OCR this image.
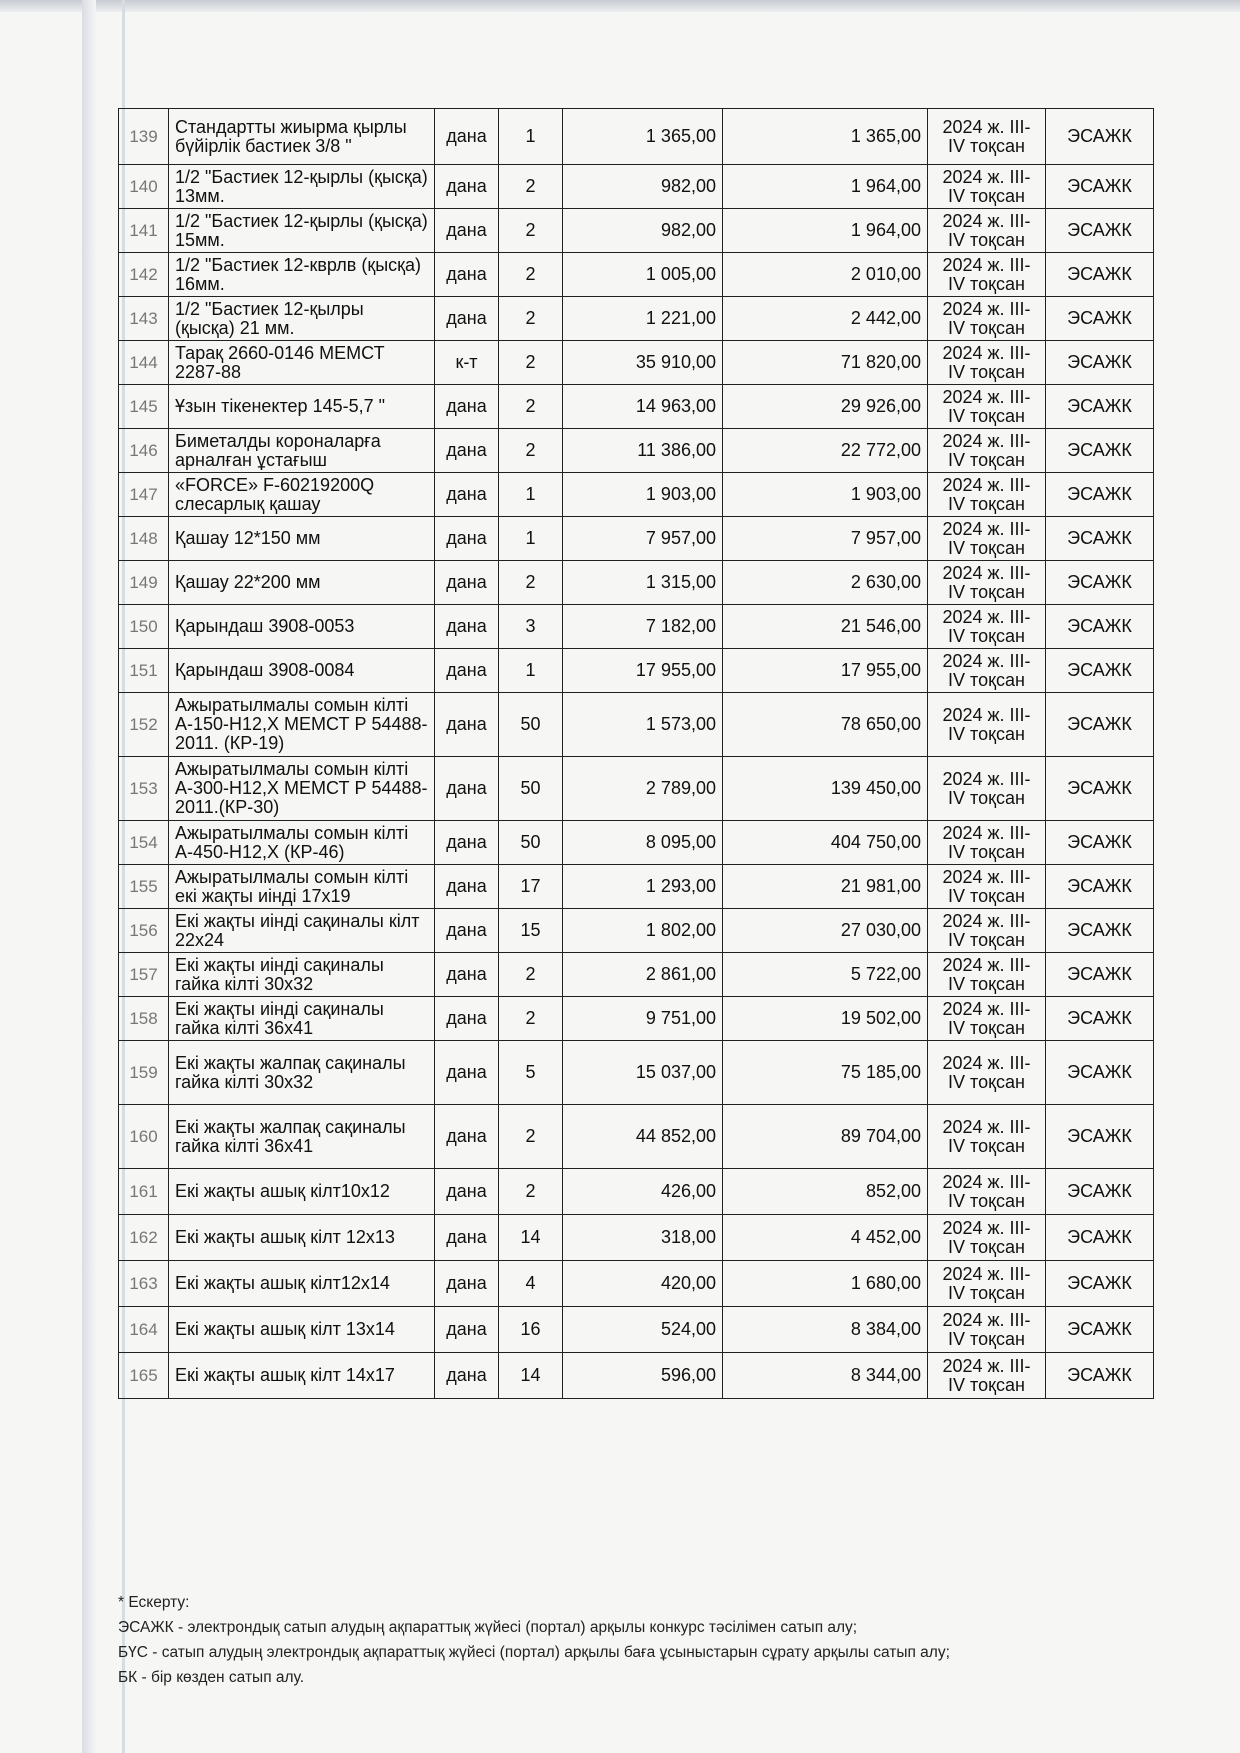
139	Стандартты жиырма қырлы бүйірлік бастиек 3/8 "	дана	1	1 365,00	1 365,00	2024 ж. III-IV тоқсан	ЭСАЖК
140	1/2 "Бастиек 12-қырлы (қысқа) 13мм.	дана	2	982,00	1 964,00	2024 ж. III-IV тоқсан	ЭСАЖК
141	1/2 "Бастиек 12-қырлы (қысқа) 15мм.	дана	2	982,00	1 964,00	2024 ж. III-IV тоқсан	ЭСАЖК
142	1/2 "Бастиек 12-кврлв (қысқа) 16мм.	дана	2	1 005,00	2 010,00	2024 ж. III-IV тоқсан	ЭСАЖК
143	1/2 "Бастиек 12-қылры (қысқа) 21 мм.	дана	2	1 221,00	2 442,00	2024 ж. III-IV тоқсан	ЭСАЖК
144	Тарақ 2660-0146 МЕМСТ 2287-88	к-т	2	35 910,00	71 820,00	2024 ж. III-IV тоқсан	ЭСАЖК
145	Ұзын тікенектер 145-5,7 "	дана	2	14 963,00	29 926,00	2024 ж. III-IV тоқсан	ЭСАЖК
146	Биметалды короналарға арналған ұстағыш	дана	2	11 386,00	22 772,00	2024 ж. III-IV тоқсан	ЭСАЖК
147	«FORCE» F-60219200Q слесарлық қашау	дана	1	1 903,00	1 903,00	2024 ж. III-IV тоқсан	ЭСАЖК
148	Қашау 12*150 мм	дана	1	7 957,00	7 957,00	2024 ж. III-IV тоқсан	ЭСАЖК
149	Қашау 22*200 мм	дана	2	1 315,00	2 630,00	2024 ж. III-IV тоқсан	ЭСАЖК
150	Қарындаш 3908-0053	дана	3	7 182,00	21 546,00	2024 ж. III-IV тоқсан	ЭСАЖК
151	Қарындаш 3908-0084	дана	1	17 955,00	17 955,00	2024 ж. III-IV тоқсан	ЭСАЖК
152	Ажыратылмалы сомын кілті А-150-Н12,Х МЕМСТ Р 54488-2011. (КР-19)	дана	50	1 573,00	78 650,00	2024 ж. III-IV тоқсан	ЭСАЖК
153	Ажыратылмалы сомын кілті А-300-Н12,Х МЕМСТ Р 54488-2011.(КР-30)	дана	50	2 789,00	139 450,00	2024 ж. III-IV тоқсан	ЭСАЖК
154	Ажыратылмалы сомын кілті А-450-Н12,Х (КР-46)	дана	50	8 095,00	404 750,00	2024 ж. III-IV тоқсан	ЭСАЖК
155	Ажыратылмалы сомын кілті екі жақты иінді 17х19	дана	17	1 293,00	21 981,00	2024 ж. III-IV тоқсан	ЭСАЖК
156	Екі жақты иінді сақиналы кілт 22х24	дана	15	1 802,00	27 030,00	2024 ж. III-IV тоқсан	ЭСАЖК
157	Екі жақты иінді сақиналы гайка кілті 30х32	дана	2	2 861,00	5 722,00	2024 ж. III-IV тоқсан	ЭСАЖК
158	Екі жақты иінді сақиналы гайка кілті 36х41	дана	2	9 751,00	19 502,00	2024 ж. III-IV тоқсан	ЭСАЖК
159	Екі жақты жалпақ сақиналы гайка кілті 30х32	дана	5	15 037,00	75 185,00	2024 ж. III-IV тоқсан	ЭСАЖК
160	Екі жақты жалпақ сақиналы гайка кілті 36х41	дана	2	44 852,00	89 704,00	2024 ж. III-IV тоқсан	ЭСАЖК
161	Екі жақты ашық кілт10х12	дана	2	426,00	852,00	2024 ж. III-IV тоқсан	ЭСАЖК
162	Екі жақты ашық кілт 12х13	дана	14	318,00	4 452,00	2024 ж. III-IV тоқсан	ЭСАЖК
163	Екі жақты ашық кілт12х14	дана	4	420,00	1 680,00	2024 ж. III-IV тоқсан	ЭСАЖК
164	Екі жақты ашық кілт 13х14	дана	16	524,00	8 384,00	2024 ж. III-IV тоқсан	ЭСАЖК
165	Екі жақты ашық кілт 14х17	дана	14	596,00	8 344,00	2024 ж. III-IV тоқсан	ЭСАЖК
* Ескерту:
ЭСАЖК - электрондық сатып алудың ақпараттық жүйесі (портал) арқылы конкурс тәсілімен сатып алу;
БҮС - сатып алудың электрондық ақпараттық жүйесі (портал) арқылы баға ұсыныстарын сұрату арқылы сатып алу;
БК - бір көзден сатып алу.
